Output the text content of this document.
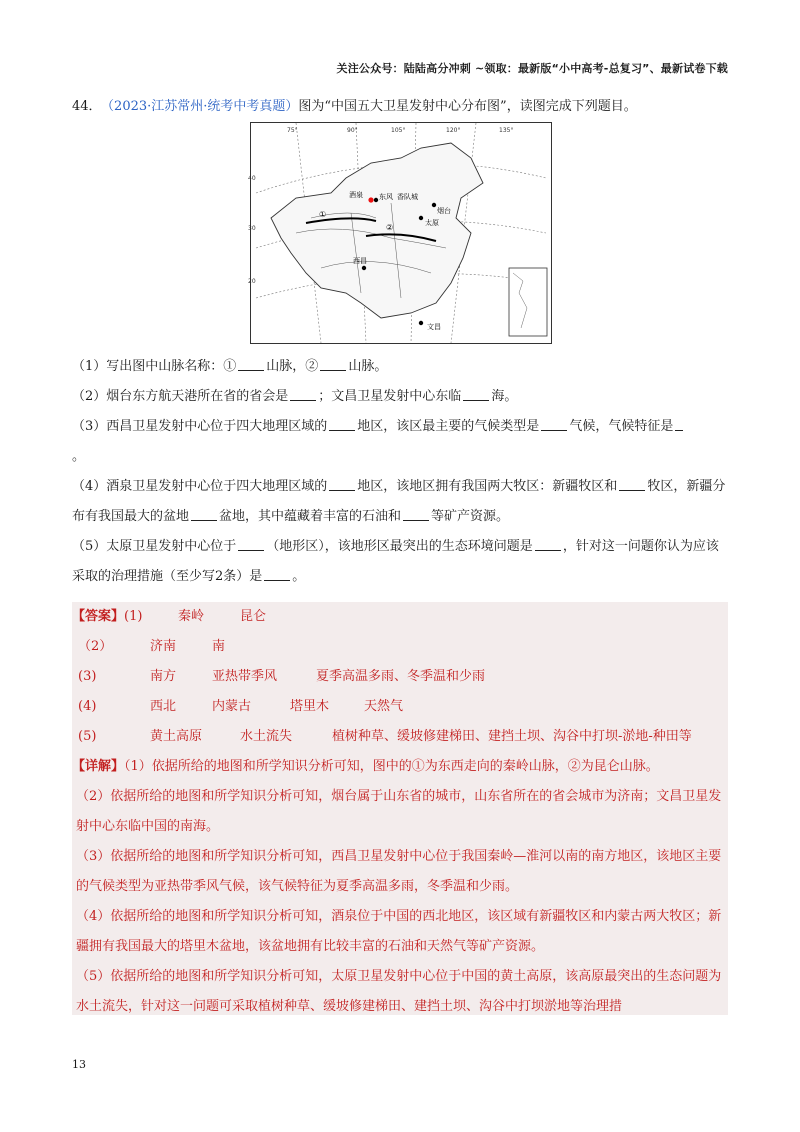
关注公众号：陆陆高分冲刺 ~领取：最新版“小中高考-总复习”、最新试卷下载

44． （2023·江苏常州·统考中考真题）图为“中国五大卫星发射中心分布图”，读图完成下列题目。

①
②
酒泉 东风 香队城
太原
西昌
文昌
烟台
75°	90°	105°	120°	135°
40
30
20

（1）写出图中山脉名称：① 山脉，② 山脉。

（2）烟台东方航天港所在省的省会是 ；文昌卫星发射中心东临 海。

（3）西昌卫星发射中心位于四大地理区域的 地区，该区最主要的气候类型是 气候，气候特征是
。

（4）酒泉卫星发射中心位于四大地理区域的 地区，该地区拥有我国两大牧区：新疆牧区和 牧区，新疆分布有我国最大的盆地 盆地，其中蕴藏着丰富的石油和 等矿产资源。

（5）太原卫星发射中心位于 （地形区），该地形区最突出的生态环境问题是 ，针对这一问题你认为应该采取的治理措施（至少写2条）是 。

【答案】(1)	秦岭	昆仑

（2）	济南	南

(3)	南方	亚热带季风	夏季高温多雨、冬季温和少雨

(4)	西北	内蒙古	塔里木	天然气

(5)	黄土高原	水土流失	植树种草、缓坡修建梯田、建挡土坝、沟谷中打坝-淤地-种田等

【详解】（1）依据所给的地图和所学知识分析可知，图中的①为东西走向的秦岭山脉，②为昆仑山脉。

（2）依据所给的地图和所学知识分析可知，烟台属于山东省的城市，山东省所在的省会城市为济南；文昌卫星发射中心东临中国的南海。

（3）依据所给的地图和所学知识分析可知，西昌卫星发射中心位于我国秦岭—淮河以南的南方地区，该地区主要的气候类型为亚热带季风气候，该气候特征为夏季高温多雨，冬季温和少雨。

（4）依据所给的地图和所学知识分析可知，酒泉位于中国的西北地区，该区域有新疆牧区和内蒙古两大牧区；新疆拥有我国最大的塔里木盆地，该盆地拥有比较丰富的石油和天然气等矿产资源。

（5）依据所给的地图和所学知识分析可知，太原卫星发射中心位于中国的黄土高原，该高原最突出的生态问题为水土流失，针对这一问题可采取植树种草、缓坡修建梯田、建挡土坝、沟谷中打坝淤地等治理措

13
